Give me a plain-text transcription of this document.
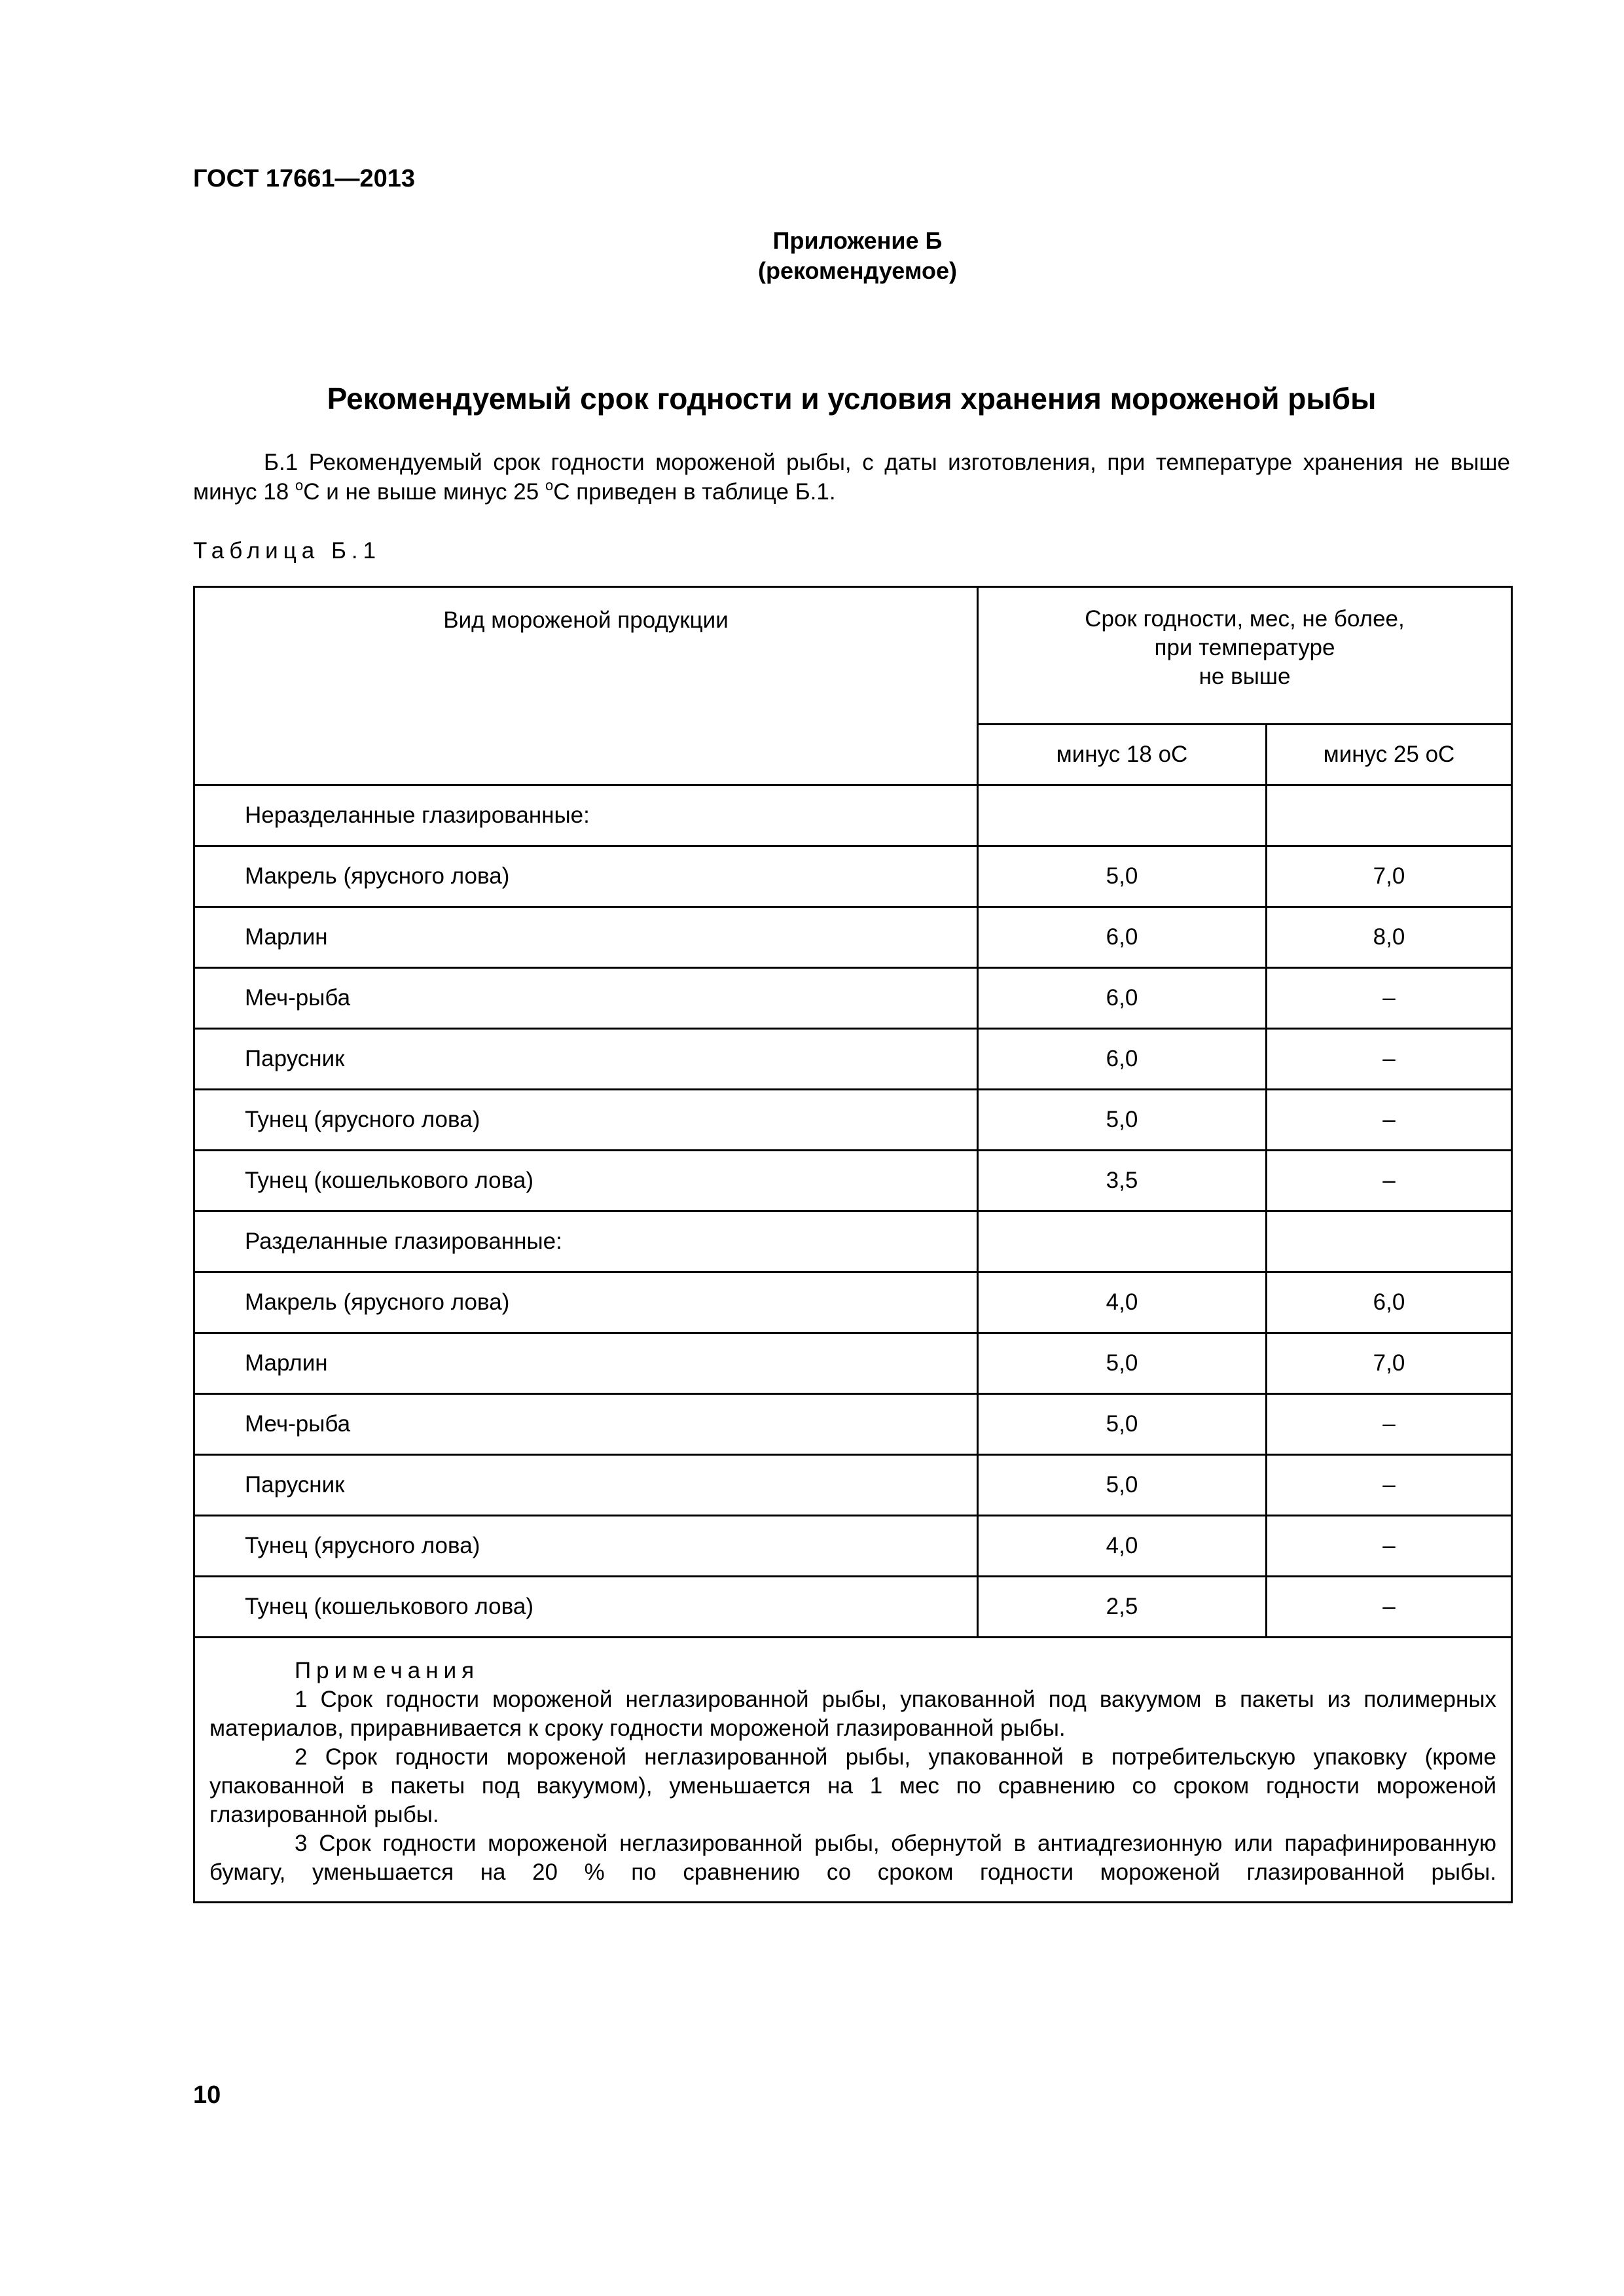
ГОСТ 17661—2013
Приложение Б
(рекомендуемое)
Рекомендуемый срок годности и условия хранения мороженой рыбы

Б.1 Рекомендуемый срок годности мороженой рыбы, с даты изготовления, при температуре хранения не выше минус 18 $^о$С и не выше минус 25 $^о$С приведен в таблице Б.1.

Таблица Б.1

Вид мороженой продукции	Срок годности, мес, не более,
при температуре
не выше	

	минус 18 оС	минус 25 оС
Неразделанные глазированные:		
Макрель (ярусного лова)	5,0	7,0
Марлин	6,0	8,0
Меч-рыба	6,0	–
Парусник	6,0	–
Тунец (ярусного лова)	5,0	–
Тунец (кошелькового лова)	3,5	–
Разделанные глазированные:		
Макрель (ярусного лова)	4,0	6,0
Марлин	5,0	7,0
Меч-рыба	5,0	–
Парусник	5,0	–
Тунец (ярусного лова)	4,0	–
Тунец (кошелькового лова)	2,5	–

Примечания

1 Срок годности мороженой неглазированной рыбы, упакованной под вакуумом в пакеты из полимерных материалов, приравнивается к сроку годности мороженой глазированной рыбы.

2 Срок годности мороженой неглазированной рыбы, упакованной в потребительскую упаковку (кроме упакованной в пакеты под вакуумом), уменьшается на 1 мес по сравнению со сроком годности мороженой глазированной рыбы.

3 Срок годности мороженой неглазированной рыбы, обернутой в антиадгезионную или парафинированную бумагу, уменьшается на 20 % по сравнению со сроком годности мороженой глазированной рыбы.		

10
